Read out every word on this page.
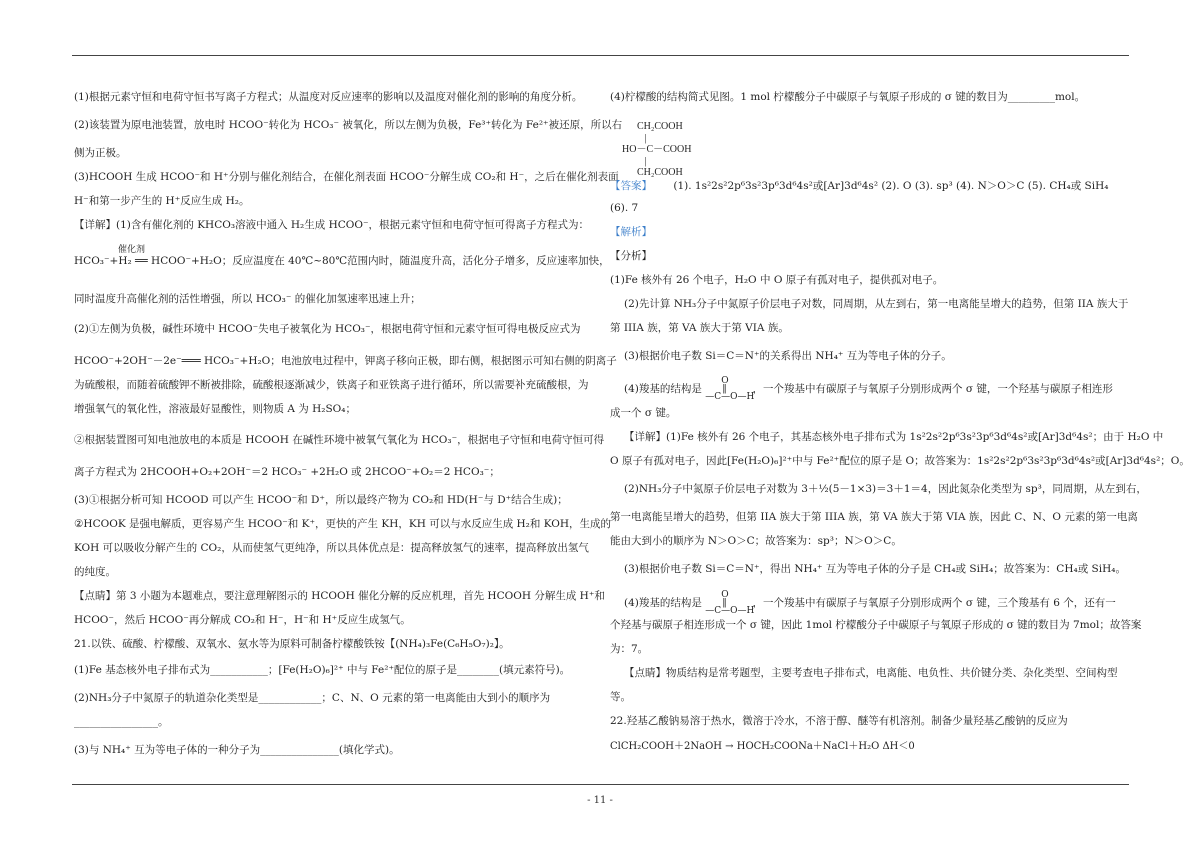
(1)根据元素守恒和电荷守恒书写离子方程式；从温度对反应速率的影响以及温度对催化剂的影响的角度分析。
(2)该装置为原电池装置，放电时 HCOO⁻转化为 HCO₃⁻ 被氧化，所以左侧为负极，Fe³⁺转化为 Fe²⁺被还原，所以右
侧为正极。
(3)HCOOH 生成 HCOO⁻和 H⁺分别与催化剂结合，在催化剂表面 HCOO⁻分解生成 CO₂和 H⁻，之后在催化剂表面
H⁻和第一步产生的 H⁺反应生成 H₂。
【详解】(1)含有催化剂的 KHCO₃溶液中通入 H₂生成 HCOO⁻，根据元素守恒和电荷守恒可得离子方程式为：
催化剂
HCO₃⁻+H₂ ══ HCOO⁻+H₂O；反应温度在 40℃~80℃范围内时，随温度升高，活化分子增多，反应速率加快，
同时温度升高催化剂的活性增强，所以 HCO₃⁻ 的催化加氢速率迅速上升；
(2)①左侧为负极，碱性环境中 HCOO⁻失电子被氧化为 HCO₃⁻，根据电荷守恒和元素守恒可得电极反应式为
HCOO⁻+2OH⁻－2e⁻═══ HCO₃⁻+H₂O；电池放电过程中，钾离子移向正极，即右侧，根据图示可知右侧的阴离子
为硫酸根，而随着硫酸钾不断被排除，硫酸根逐渐减少，铁离子和亚铁离子进行循环，所以需要补充硫酸根，为
增强氧气的氧化性，溶液最好显酸性，则物质 A 为 H₂SO₄；
②根据装置图可知电池放电的本质是 HCOOH 在碱性环境中被氧气氧化为 HCO₃⁻，根据电子守恒和电荷守恒可得
离子方程式为 2HCOOH+O₂+2OH⁻＝2 HCO₃⁻ +2H₂O 或 2HCOO⁻+O₂＝2 HCO₃⁻；
(3)①根据分析可知 HCOOD 可以产生 HCOO⁻和 D⁺，所以最终产物为 CO₂和 HD(H⁻与 D⁺结合生成)；
②HCOOK 是强电解质，更容易产生 HCOO⁻和 K⁺，更快的产生 KH，KH 可以与水反应生成 H₂和 KOH，生成的
KOH 可以吸收分解产生的 CO₂，从而使氢气更纯净，所以具体优点是：提高释放氢气的速率，提高释放出氢气
的纯度。
【点睛】第 3 小题为本题难点，要注意理解图示的 HCOOH 催化分解的反应机理，首先 HCOOH 分解生成 H⁺和
HCOO⁻，然后 HCOO⁻再分解成 CO₂和 H⁻，H⁻和 H⁺反应生成氢气。
21.以铁、硫酸、柠檬酸、双氧水、氨水等为原料可制备柠檬酸铁铵【(NH₄)₃Fe(C₆H₅O₇)₂】。
(1)Fe 基态核外电子排布式为___________；[Fe(H₂O)₆]²⁺ 中与 Fe²⁺配位的原子是________(填元素符号)。
(2)NH₃分子中氮原子的轨道杂化类型是____________；C、N、O 元素的第一电离能由大到小的顺序为
________________。
(3)与 NH₄⁺ 互为等电子体的一种分子为_______________(填化学式)。
(4)柠檬酸的结构简式见图。1 mol 柠檬酸分子中碳原子与氧原子形成的 σ 键的数目为_________mol。
CH₂COOH
|
HO－C－COOH
|
CH₂COOH
【答案】 (1). 1s²2s²2p⁶3s²3p⁶3d⁶4s²或[Ar]3d⁶4s² (2). O (3). sp³ (4). N＞O＞C (5). CH₄或 SiH₄
(6). 7
【解析】
【分析】
(1)Fe 核外有 26 个电子，H₂O 中 O 原子有孤对电子，提供孤对电子。
(2)先计算 NH₃分子中氮原子价层电子对数，同周期，从左到右，第一电离能呈增大的趋势，但第 IIA 族大于
第 IIIA 族，第 VA 族大于第 VIA 族。
(3)根据价电子数 Si＝C＝N⁺的关系得出 NH₄⁺ 互为等电子体的分子。
(4)羧基的结构是
O
‖
—C—O—H
，一个羧基中有碳原子与氧原子分别形成两个 σ 键，一个羟基与碳原子相连形
成一个 σ 键。
【详解】(1)Fe 核外有 26 个电子，其基态核外电子排布式为 1s²2s²2p⁶3s²3p⁶3d⁶4s²或[Ar]3d⁶4s²；由于 H₂O 中
O 原子有孤对电子，因此[Fe(H₂O)₆]²⁺中与 Fe²⁺配位的原子是 O；故答案为：1s²2s²2p⁶3s²3p⁶3d⁶4s²或[Ar]3d⁶4s²；O。
(2)NH₃分子中氮原子价层电子对数为 3＋½(5－1×3)＝3＋1＝4，因此氮杂化类型为 sp³，同周期，从左到右，
第一电离能呈增大的趋势，但第 IIA 族大于第 IIIA 族，第 VA 族大于第 VIA 族，因此 C、N、O 元素的第一电离
能由大到小的顺序为 N＞O＞C；故答案为：sp³；N＞O＞C。
(3)根据价电子数 Si＝C＝N⁺，得出 NH₄⁺ 互为等电子体的分子是 CH₄或 SiH₄；故答案为：CH₄或 SiH₄。
(4)羧基的结构是
O
‖
—C—O—H
，一个羧基中有碳原子与氧原子分别形成两个 σ 键，三个羧基有 6 个，还有一
个羟基与碳原子相连形成一个 σ 键，因此 1mol 柠檬酸分子中碳原子与氧原子形成的 σ 键的数目为 7mol；故答案
为：7。
【点睛】物质结构是常考题型，主要考查电子排布式，电离能、电负性、共价键分类、杂化类型、空间构型
等。
22.羟基乙酸钠易溶于热水，微溶于冷水，不溶于醇、醚等有机溶剂。制备少量羟基乙酸钠的反应为
ClCH₂COOH＋2NaOH → HOCH₂COONa＋NaCl＋H₂O ΔH＜0
- 11 -
